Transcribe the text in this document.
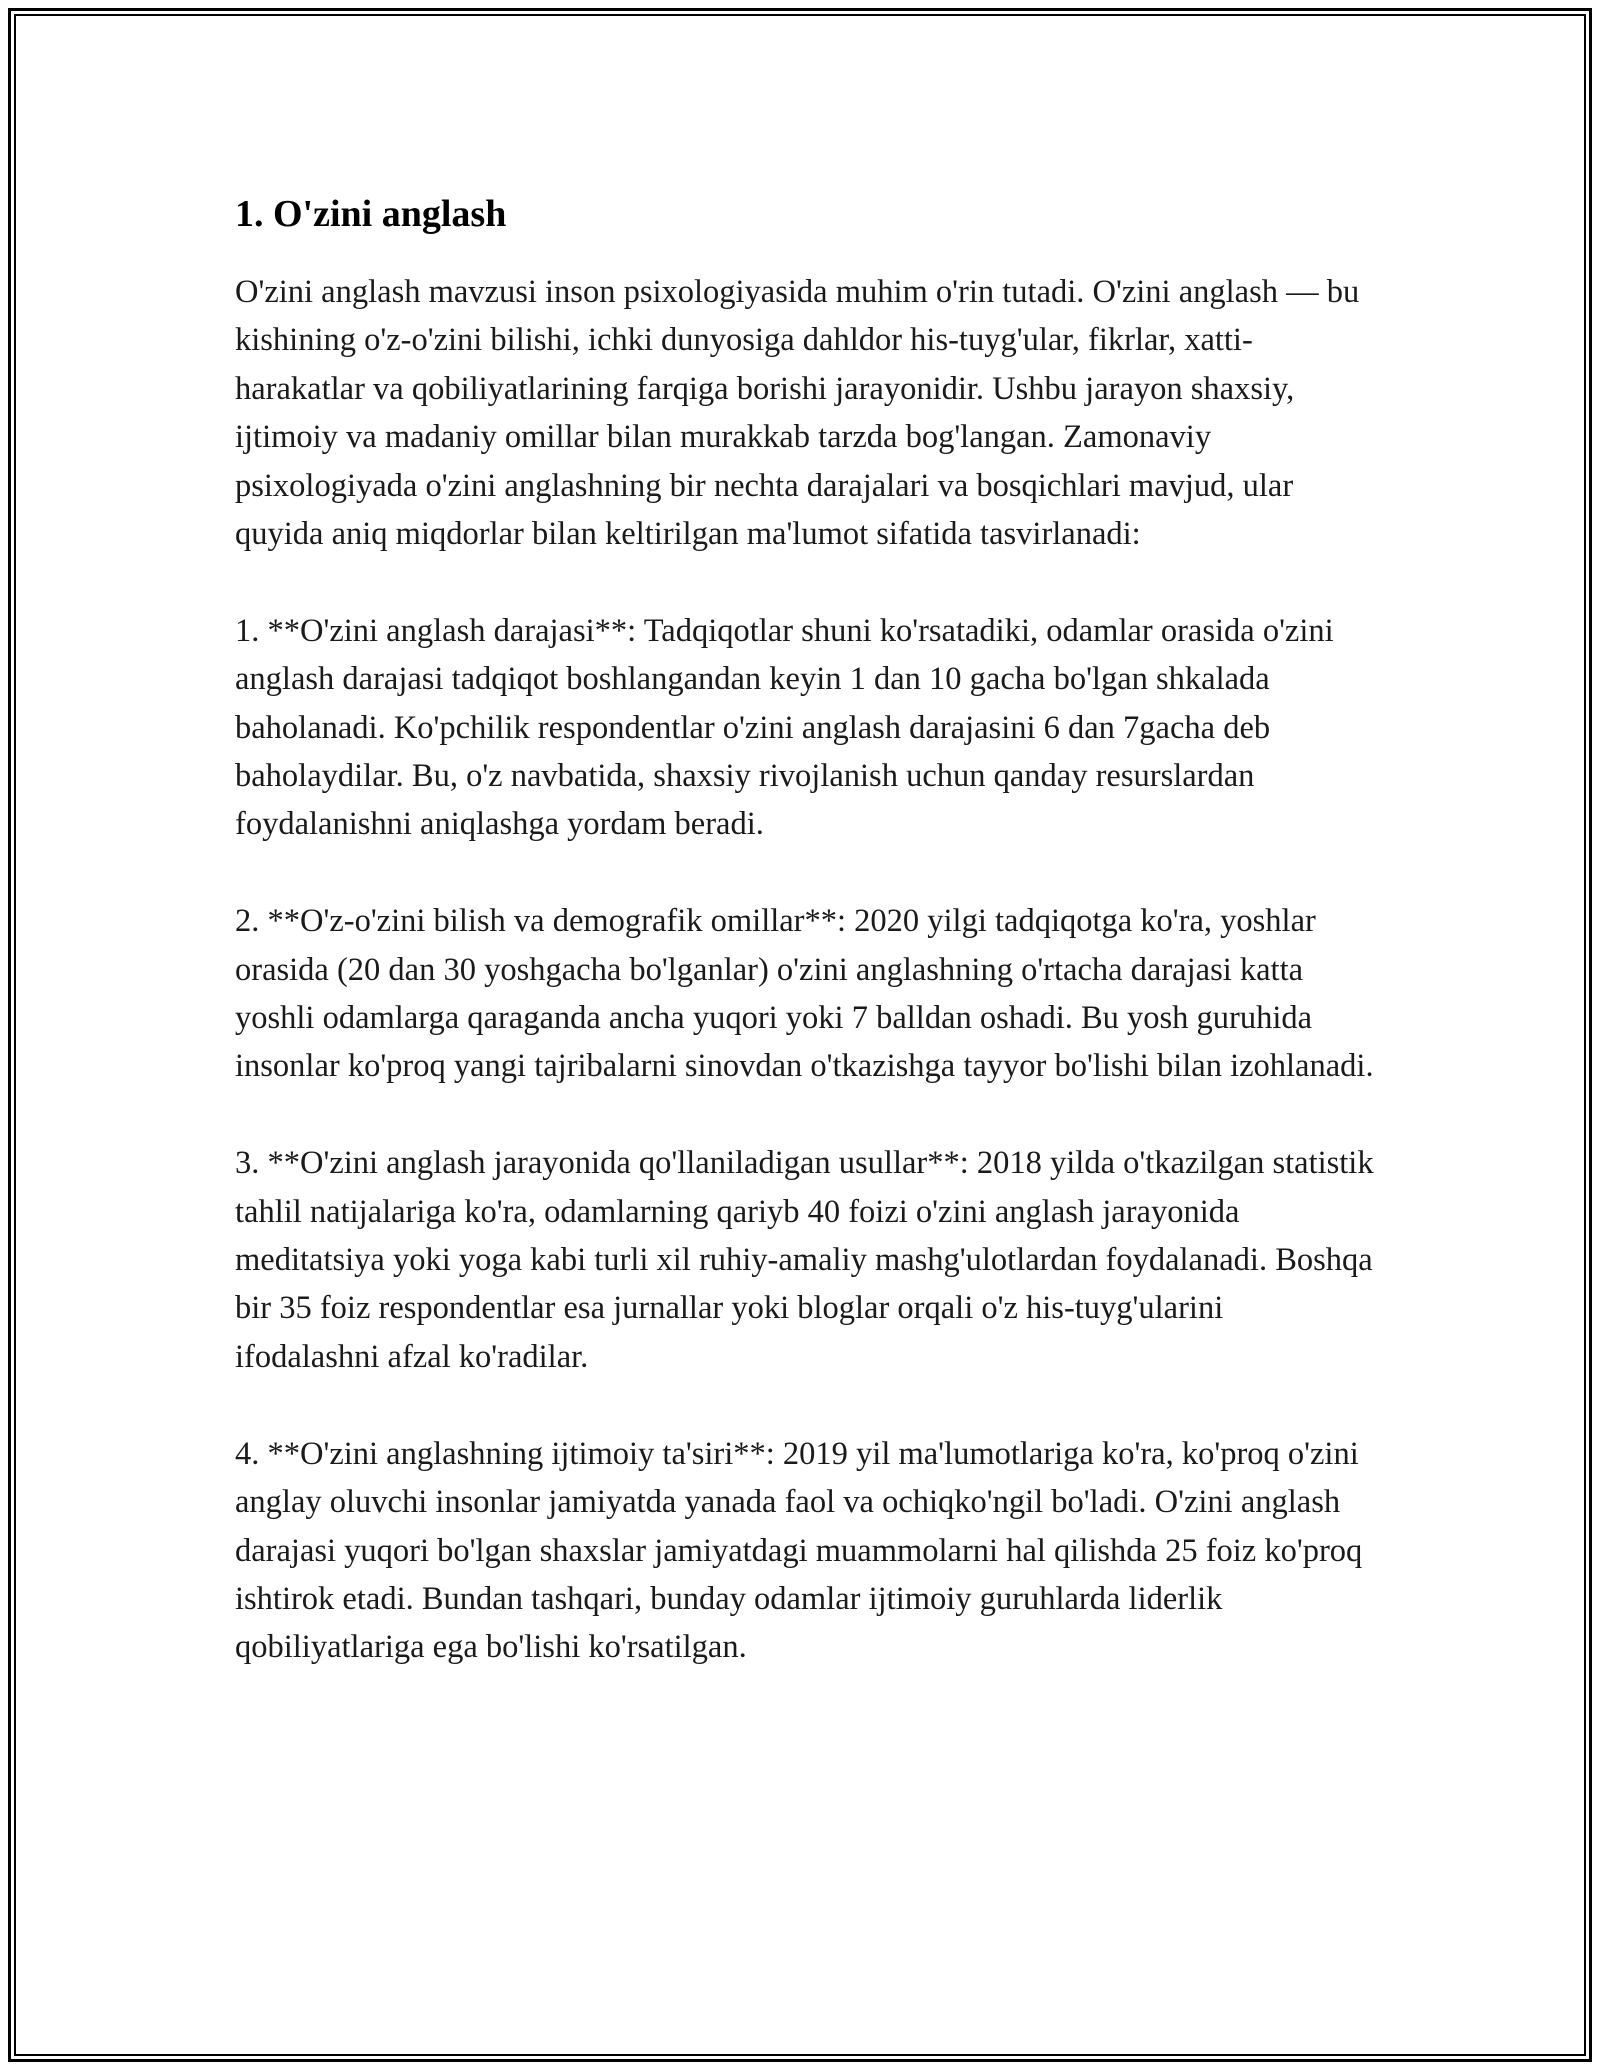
1. O'zini anglash

O'zini anglash mavzusi inson psixologiyasida muhim o'rin tutadi. O'zini anglash — bu kishining o'z-o'zini bilishi, ichki dunyosiga dahldor his-tuyg'ular, fikrlar, xatti-harakatlar va qobiliyatlarining farqiga borishi jarayonidir. Ushbu jarayon shaxsiy, ijtimoiy va madaniy omillar bilan murakkab tarzda bog'langan. Zamonaviy psixologiyada o'zini anglashning bir nechta darajalari va bosqichlari mavjud, ular quyida aniq miqdorlar bilan keltirilgan ma'lumot sifatida tasvirlanadi:

1. **O'zini anglash darajasi**: Tadqiqotlar shuni ko'rsatadiki, odamlar orasida o'zini anglash darajasi tadqiqot boshlangandan keyin 1 dan 10 gacha bo'lgan shkalada baholanadi. Ko'pchilik respondentlar o'zini anglash darajasini 6 dan 7gacha deb baholaydilar. Bu, o'z navbatida, shaxsiy rivojlanish uchun qanday resurslardan foydalanishni aniqlashga yordam beradi.

2. **O'z-o'zini bilish va demografik omillar**: 2020 yilgi tadqiqotga ko'ra, yoshlar orasida (20 dan 30 yoshgacha bo'lganlar) o'zini anglashning o'rtacha darajasi katta yoshli odamlarga qaraganda ancha yuqori yoki 7 balldan oshadi. Bu yosh guruhida insonlar ko'proq yangi tajribalarni sinovdan o'tkazishga tayyor bo'lishi bilan izohlanadi.

3. **O'zini anglash jarayonida qo'llaniladigan usullar**: 2018 yilda o'tkazilgan statistik tahlil natijalariga ko'ra, odamlarning qariyb 40 foizi o'zini anglash jarayonida meditatsiya yoki yoga kabi turli xil ruhiy-amaliy mashg'ulotlardan foydalanadi. Boshqa bir 35 foiz respondentlar esa jurnallar yoki bloglar orqali o'z his-tuyg'ularini ifodalashni afzal ko'radilar.

4. **O'zini anglashning ijtimoiy ta'siri**: 2019 yil ma'lumotlariga ko'ra, ko'proq o'zini anglay oluvchi insonlar jamiyatda yanada faol va ochiqko'ngil bo'ladi. O'zini anglash darajasi yuqori bo'lgan shaxslar jamiyatdagi muammolarni hal qilishda 25 foiz ko'proq ishtirok etadi. Bundan tashqari, bunday odamlar ijtimoiy guruhlarda liderlik qobiliyatlariga ega bo'lishi ko'rsatilgan.
